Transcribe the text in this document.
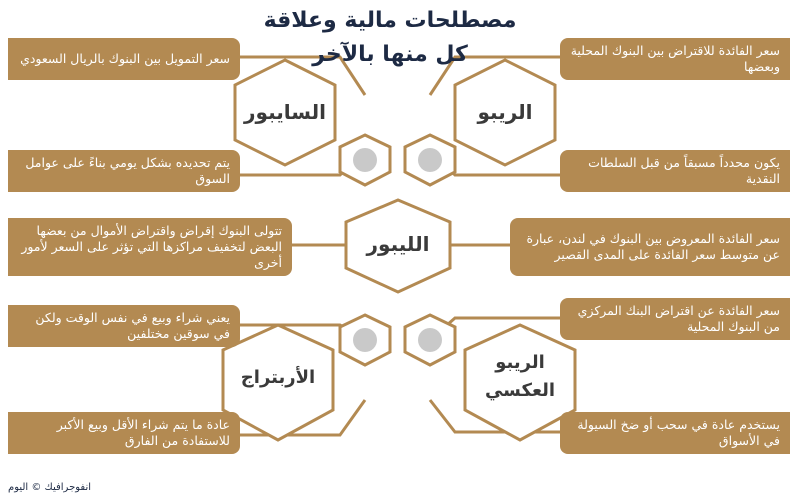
مصطلحات مالية وعلاقة
كل منها بالآخر
الريبو
السايبور
الليبور
الريبو
العكسي
الأربتراج
سعر الفائدة للاقتراض بين البنوك المحلية وبعضها
يكون محدداً مسبقاً من قبل السلطات النقدية
سعر الفائدة المعروض بين البنوك في لندن، عبارة عن متوسط سعر الفائدة على المدى القصير
سعر الفائدة عن اقتراض البنك المركزي من البنوك المحلية
يستخدم عادة في سحب أو ضخ السيولة في الأسواق
سعر التمويل بين البنوك بالريال السعودي
يتم تحديده بشكل يومي بناءً على عوامل السوق
تتولى البنوك إقراض واقتراض الأموال من بعضها البعض لتخفيف مراكزها التي تؤثر على السعر لأمور أخرى
يعني شراء وبيع في نفس الوقت ولكن في سوقين مختلفين
عادة ما يتم شراء الأقل وبيع الأكبر للاستفادة من الفارق
انفوجرافيك © اليوم
